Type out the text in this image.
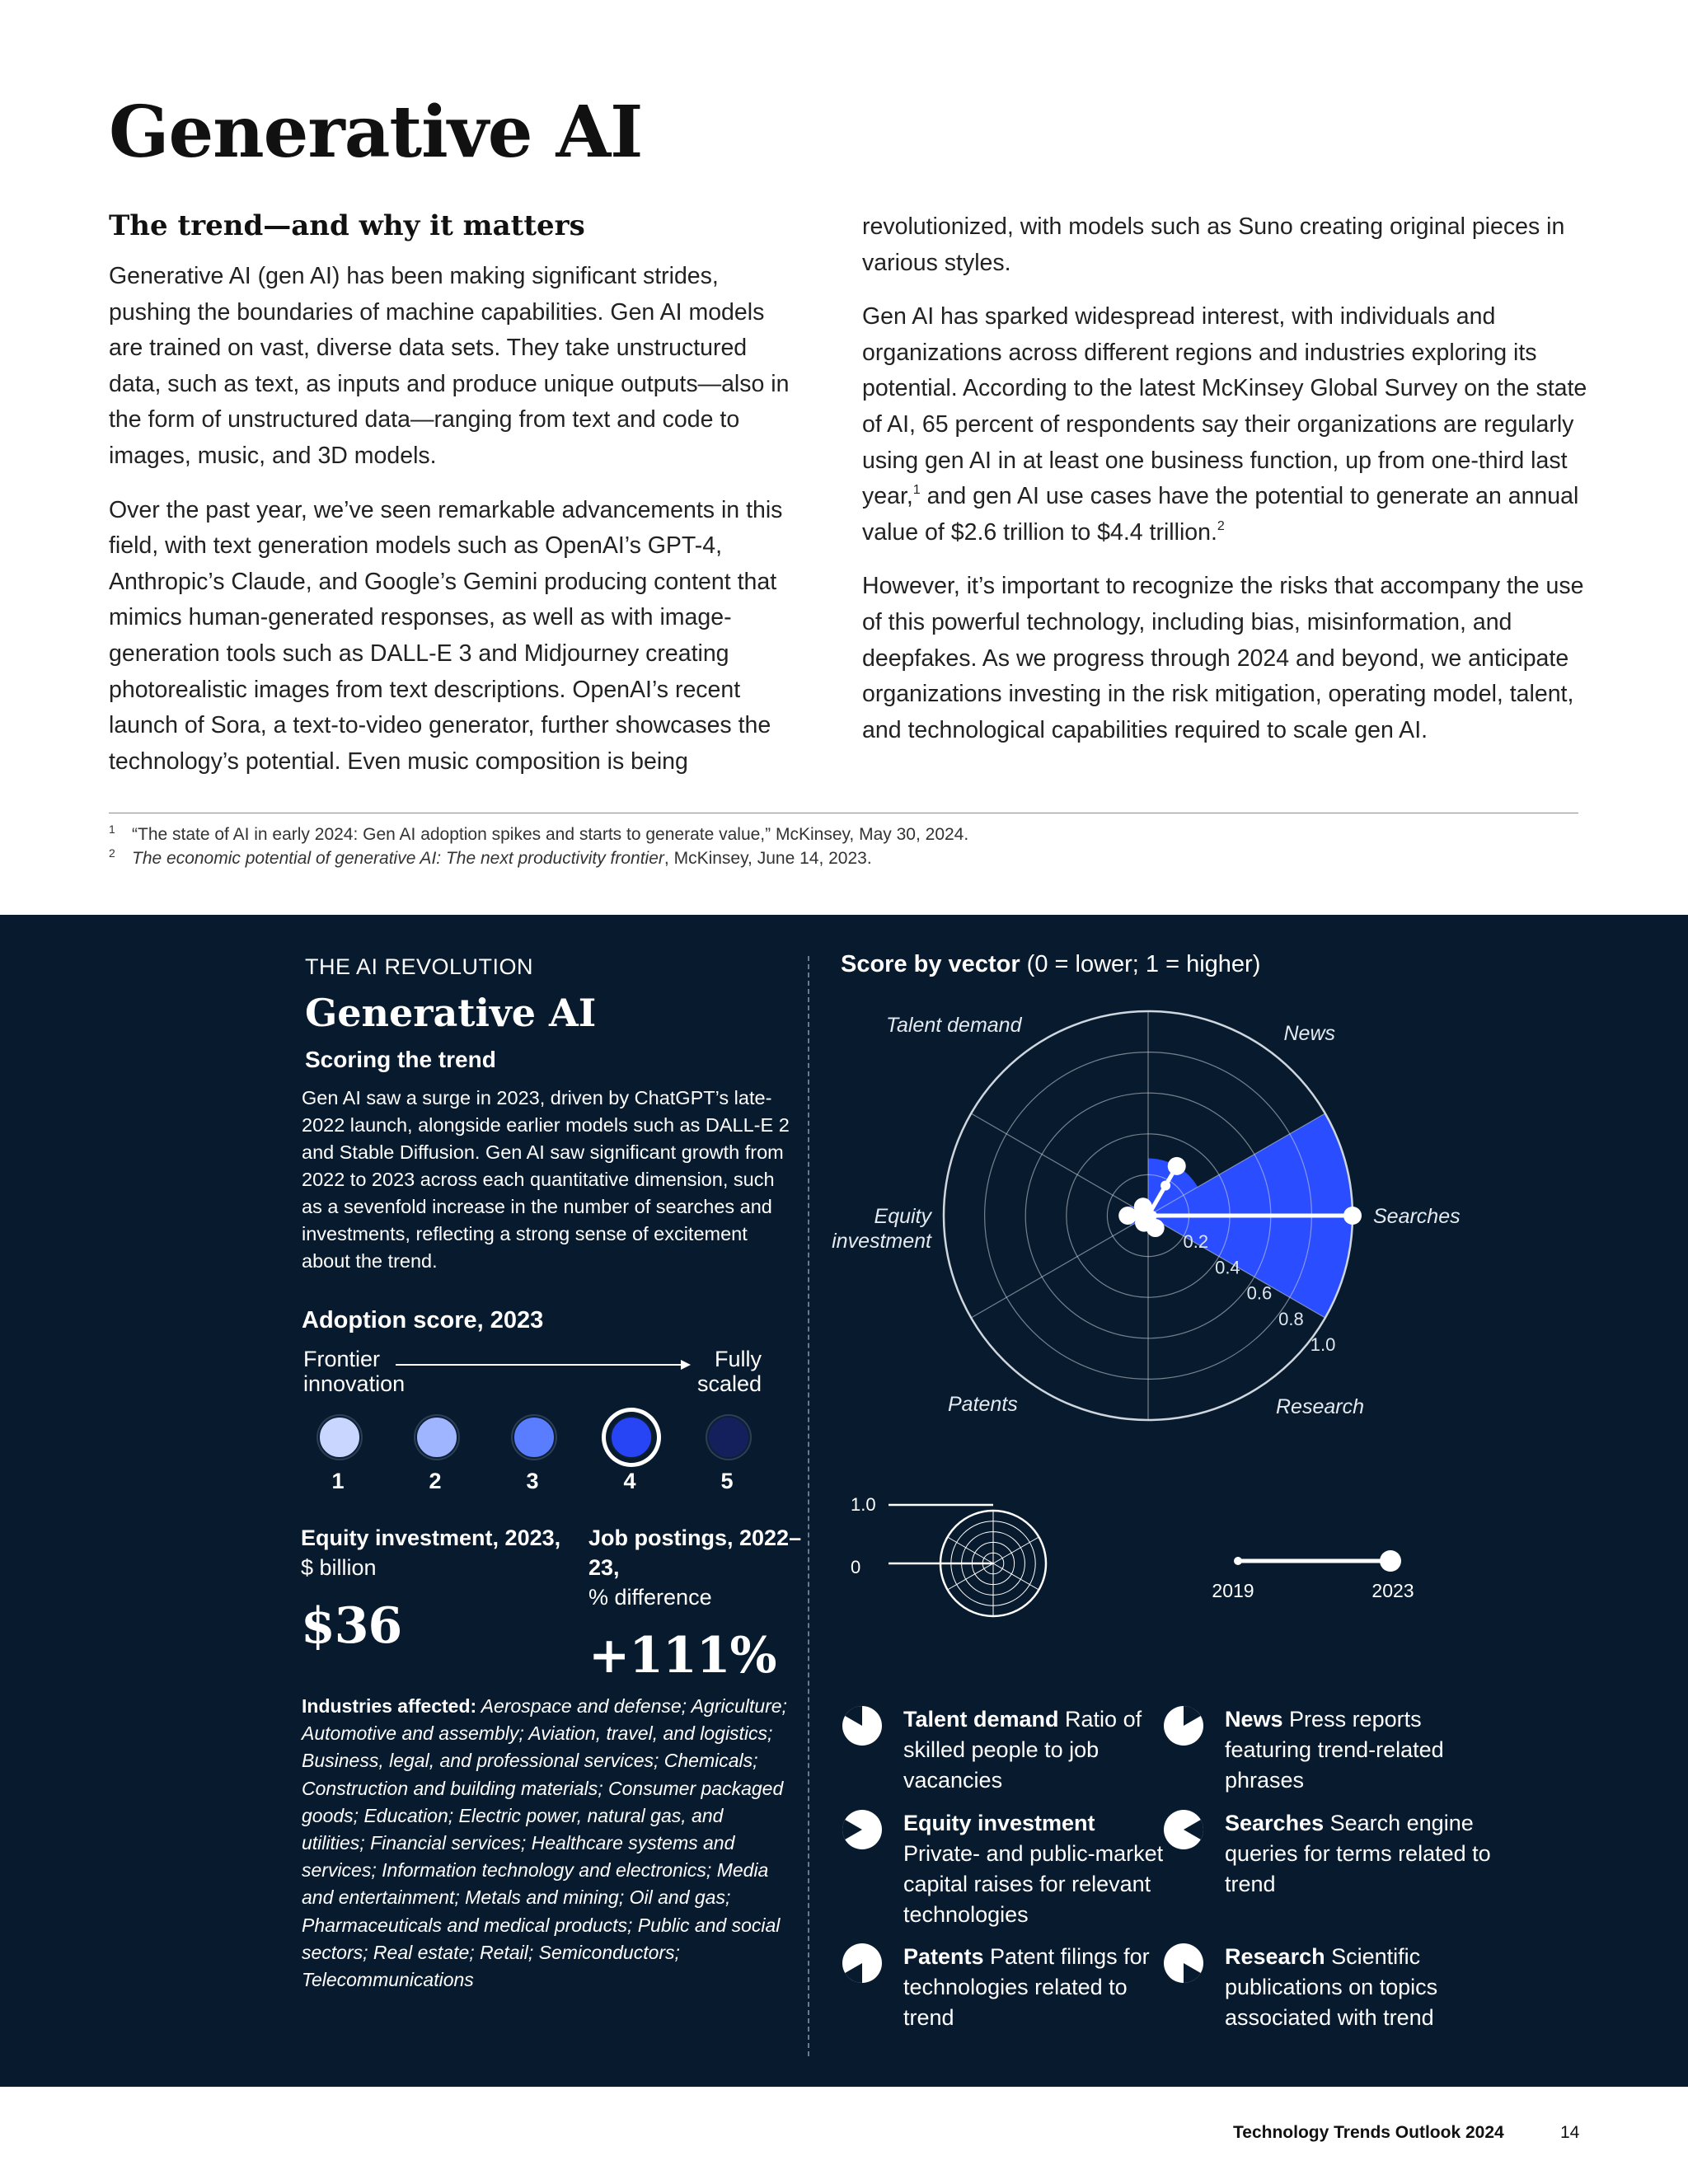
Generative AI
The trend—and why it matters

Generative AI (gen AI) has been making significant strides, pushing the boundaries of machine capabilities. Gen AI models are trained on vast, diverse data sets. They take unstructured data, such as text, as inputs and produce unique outputs—also in the form of unstructured data—ranging from text and code to images, music, and 3D models.

Over the past year, we’ve seen remarkable advancements in this field, with text generation models such as OpenAI’s GPT-4, Anthropic’s Claude, and Google’s Gemini producing content that mimics human-generated responses, as well as with image-generation tools such as DALL-E 3 and Midjourney creating photorealistic images from text descriptions. OpenAI’s recent launch of Sora, a text-to-video generator, further showcases the technology’s potential. Even music composition is being

revolutionized, with models such as Suno creating original pieces in various styles.

Gen AI has sparked widespread interest, with individuals and organizations across different regions and industries exploring its potential. According to the latest McKinsey Global Survey on the state of AI, 65 percent of respondents say their organizations are regularly using gen AI in at least one business function, up from one-third last year,$^1$ and gen AI use cases have the potential to generate an annual value of $2.6 trillion to $4.4 trillion.$^2$

However, it’s important to recognize the risks that accompany the use of this powerful technology, including bias, misinformation, and deepfakes. As we progress through 2024 and beyond, we anticipate organizations investing in the risk mitigation, operating model, talent, and technological capabilities required to scale gen AI.

1 “The state of AI in early 2024: Gen AI adoption spikes and starts to generate value,” McKinsey, May 30, 2024.
2 The economic potential of generative AI: The next productivity frontier, McKinsey, June 14, 2023.
THE AI REVOLUTION
Generative AI
Scoring the trend
Gen AI saw a surge in 2023, driven by ChatGPT’s late-2022 launch, alongside earlier models such as DALL-E 2 and Stable Diffusion. Gen AI saw significant growth from 2022 to 2023 across each quantitative dimension, such as a sevenfold increase in the number of searches and investments, reflecting a strong sense of excitement about the trend.
Adoption score, 2023
Frontier innovation
Fully scaled
1	2	3	4	5
Equity investment, 2023,
$ billion
$36
Job postings, 2022–23,
% difference
+111%
Industries affected: Aerospace and defense; Agriculture; Automotive and assembly; Aviation, travel, and logistics; Business, legal, and professional services; Chemicals; Construction and building materials; Consumer packaged goods; Education; Electric power, natural gas, and utilities; Financial services; Healthcare systems and services; Information technology and electronics; Media and entertainment; Metals and mining; Oil and gas; Pharmaceuticals and medical products; Public and social sectors; Real estate; Retail; Semiconductors; Telecommunications
Score by vector (0 = lower; 1 = higher)
0.2
0.4
0.6
0.8
1.0
Talent demand	News
Searches
Research
Patents
Equity
investment
1.0
0
2019	2023
Talent demand Ratio of skilled people to job vacancies
News Press reports featuring trend-related phrases
Equity investment Private- and public-market capital raises for relevant technologies
Searches Search engine queries for terms related to trend
Patents Patent filings for technologies related to trend
Research Scientific publications on topics associated with trend
Technology Trends Outlook 2024	14
